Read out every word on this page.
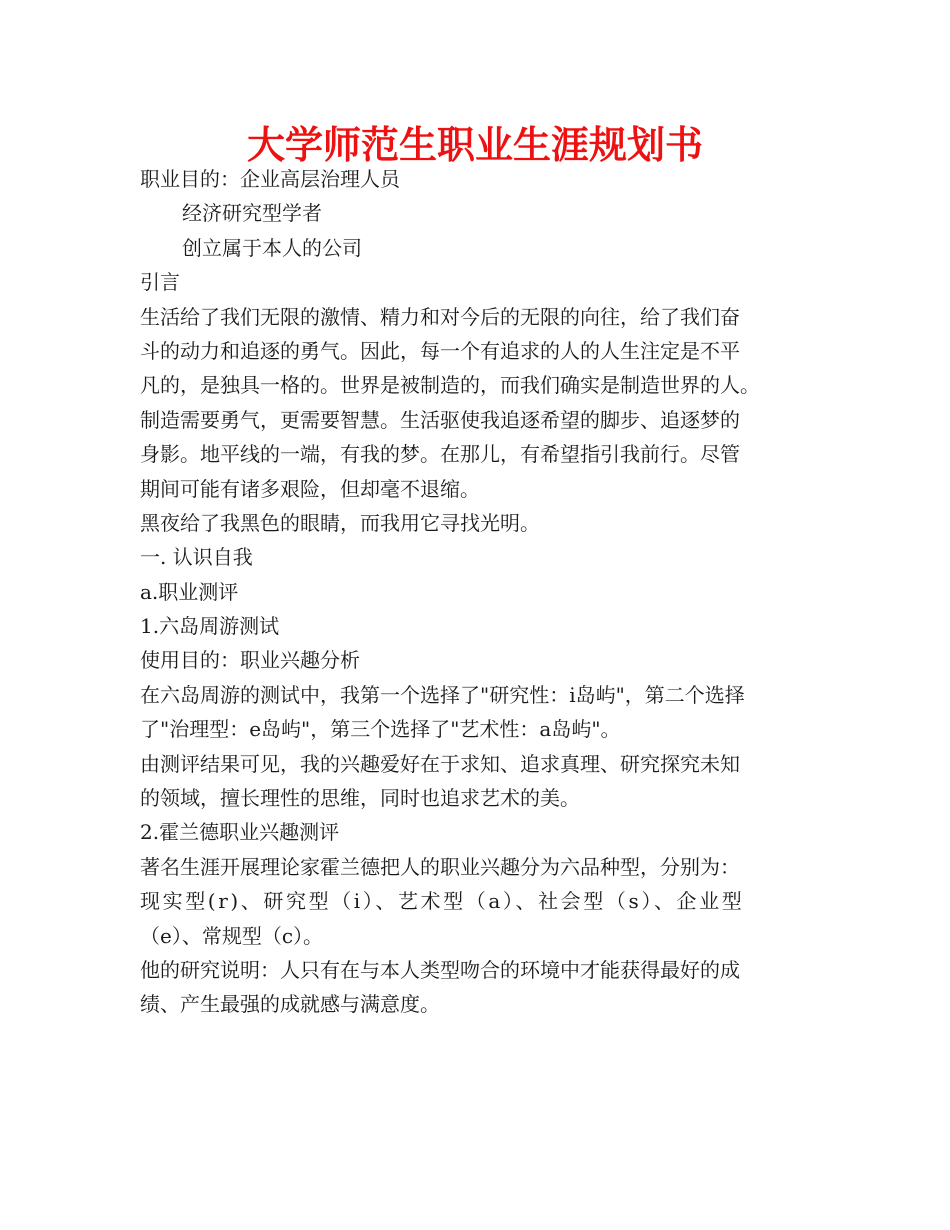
大学师范生职业生涯规划书
职业目的：企业高层治理人员
经济研究型学者
创立属于本人的公司
引言
生活给了我们无限的激情、精力和对今后的无限的向往，给了我们奋
斗的动力和追逐的勇气。因此，每一个有追求的人的人生注定是不平
凡的，是独具一格的。世界是被制造的，而我们确实是制造世界的人。
制造需要勇气，更需要智慧。生活驱使我追逐希望的脚步、追逐梦的
身影。地平线的一端，有我的梦。在那儿，有希望指引我前行。尽管
期间可能有诸多艰险，但却毫不退缩。
黑夜给了我黑色的眼睛，而我用它寻找光明。
一. 认识自我
a.职业测评
1.六岛周游测试
使用目的：职业兴趣分析
在六岛周游的测试中，我第一个选择了"研究性：i岛屿"，第二个选择
了"治理型：e岛屿"，第三个选择了"艺术性：a岛屿"。
由测评结果可见，我的兴趣爱好在于求知、追求真理、研究探究未知
的领域，擅长理性的思维，同时也追求艺术的美。
2.霍兰德职业兴趣测评
著名生涯开展理论家霍兰德把人的职业兴趣分为六品种型，分别为：
现实型(r)、研究型（i）、艺术型（a）、社会型（s）、企业型
（e）、常规型（c）。
他的研究说明：人只有在与本人类型吻合的环境中才能获得最好的成
绩、产生最强的成就感与满意度。
